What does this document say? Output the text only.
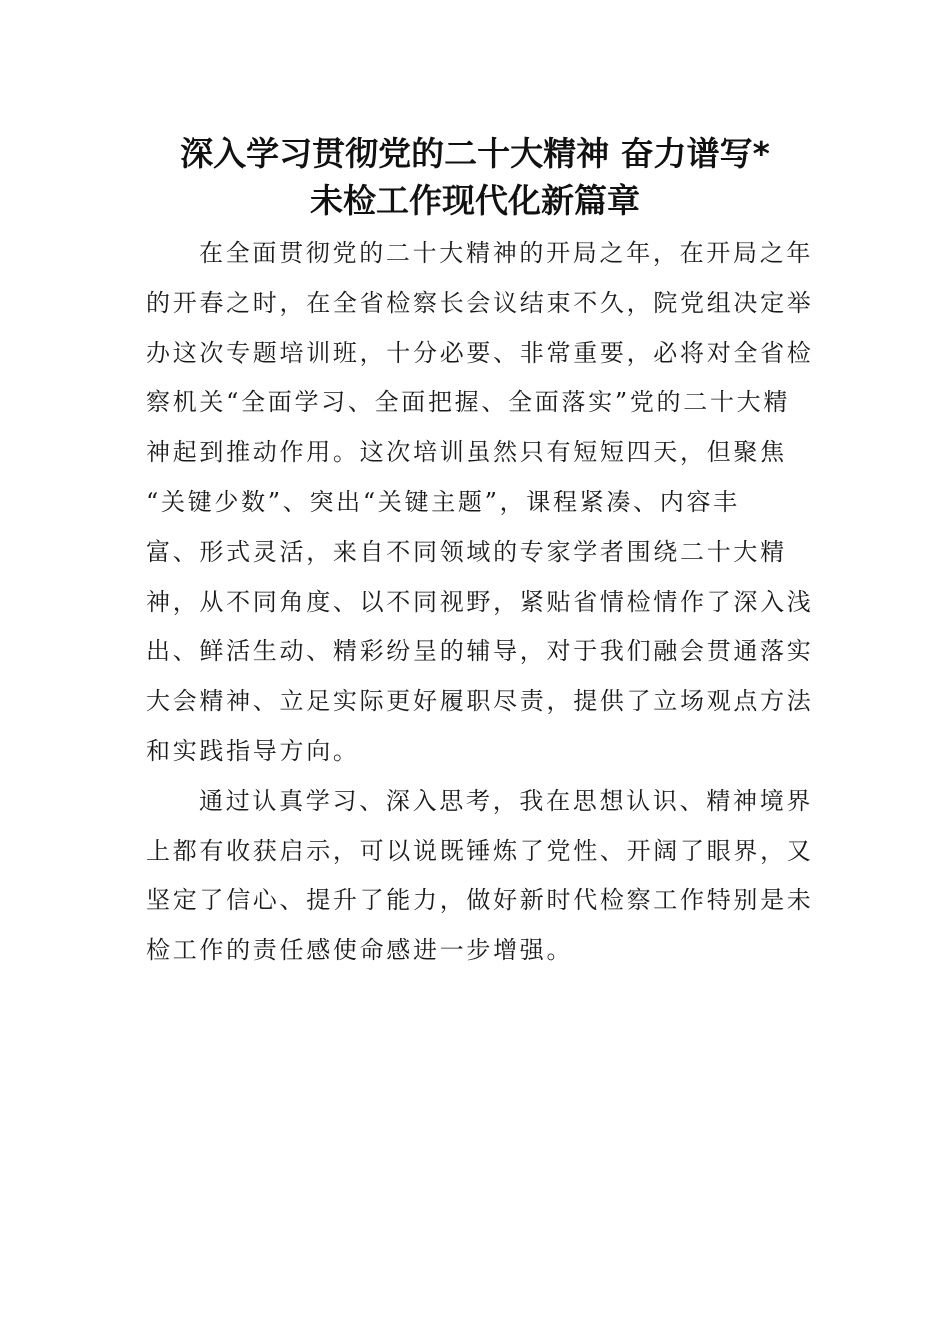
深入学习贯彻党的二十大精神 奋力谱写*
未检工作现代化新篇章
在全面贯彻党的二十大精神的开局之年，在开局之年
的开春之时，在全省检察长会议结束不久，院党组决定举
办这次专题培训班，十分必要、非常重要，必将对全省检
察机关“全面学习、全面把握、全面落实”党的二十大精
神起到推动作用。这次培训虽然只有短短四天，但聚焦
“关键少数”、突出“关键主题”，课程紧凑、内容丰
富、形式灵活，来自不同领域的专家学者围绕二十大精
神，从不同角度、以不同视野，紧贴省情检情作了深入浅
出、鲜活生动、精彩纷呈的辅导，对于我们融会贯通落实
大会精神、立足实际更好履职尽责，提供了立场观点方法
和实践指导方向。
通过认真学习、深入思考，我在思想认识、精神境界
上都有收获启示，可以说既锤炼了党性、开阔了眼界，又
坚定了信心、提升了能力，做好新时代检察工作特别是未
检工作的责任感使命感进一步增强。
